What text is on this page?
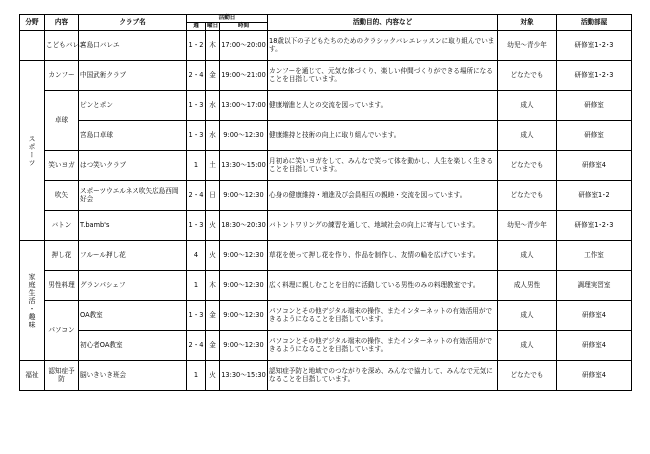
分野	内容	クラブ名	活動日			活動目的、内容など	対象	活動部屋
			週	曜日	時間			
	こどもバレエ	宮島口バレエ	1・2	木	17:00～20:00	18歳以下の子どもたちのためのクラシックバレエレッスンに取り組んでいます。	幼児～青少年	研修室1･2･3

スポーツ	カンフー	中国武術クラブ	2・4	金	19:00～21:00	カンフーを通じて、元気な体づくり、楽しい仲間づくりができる場所になることを目指しています。	どなたでも	研修室1･2･3
	卓球	ピンとポン	1・3	水	13:00～17:00	健康増進と人との交流を図っています。	成人	研修室
		宮島口卓球	1・3	水	9:00～12:30	健康維持と技術の向上に取り組んでいます。	成人	研修室
	笑いヨガ	はつ笑いクラブ	1	土	13:30～15:00	月初めに笑いヨガをして、みんなで笑って体を動かし、人生を楽しく生きることを目指しています。	どなたでも	研修室4
	吹矢	スポーツウエルネス吹矢広島西岡好会	2・4	日	9:00～12:30	心身の健康維持・増進及び会員相互の親睦・交流を図っています。	どなたでも	研修室1･2
	バトン	T.bamb's	1・3	火	18:30～20:30	バトントワリングの練習を通して、地域社会の向上に寄与しています。	幼児～青少年	研修室1･2･3

家庭生活・趣味	押し花	フルール押し花	4	火	9:00～12:30	草花を使って押し花を作り、作品を制作し、友情の輪を広げています。	成人	工作室
	男性料理	グランパシェフ	1	木	9:00～12:30	広く料理に親しむことを目的に活動している男性のみの料理教室です。	成人男性	調理実習室
	パソコン	OA教室	1・3	金	9:00～12:30	パソコンとその他デジタル端末の操作、またインターネットの有効活用ができるようになることを目指しています。	成人	研修室4
		初心者OA教室	2・4	金	9:00～12:30	パソコンとその他デジタル端末の操作、またインターネットの有効活用ができるようになることを目指しています。	成人	研修室4
福祉	認知症予防	脳いきいき班会	1	火	13:30～15:30	認知症予防と地域でのつながりを深め、みんなで協力して、みんなで元気になることを目指しています。	どなたでも	研修室4
